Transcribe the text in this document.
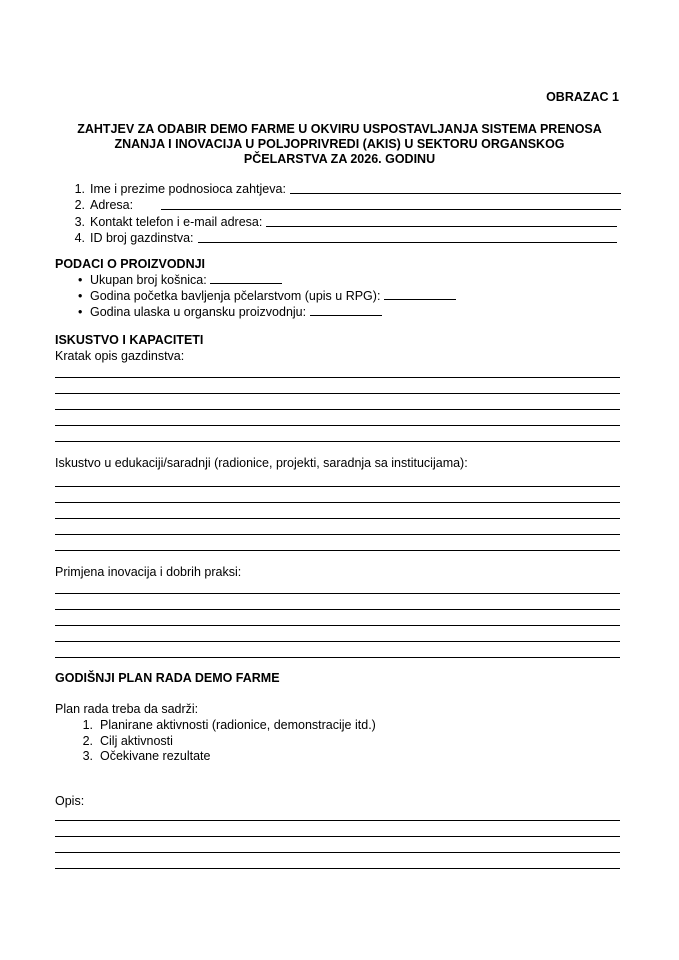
OBRAZAC 1
ZAHTJEV ZA ODABIR DEMO FARME U OKVIRU USPOSTAVLJANJA SISTEMA PRENOSA
ZNANJA I INOVACIJA U POLJOPRIVREDI (AKIS) U SEKTORU ORGANSKOG
PČELARSTVA ZA 2026. GODINU
1. Ime i prezime podnosioca zahtjeva:
2. Adresa:
3. Kontakt telefon i e-mail adresa:
4. ID broj gazdinstva:
PODACI O PROIZVODNJI
• Ukupan broj košnica:
• Godina početka bavljenja pčelarstvom (upis u RPG):
• Godina ulaska u organsku proizvodnju:
ISKUSTVO I KAPACITETI
Kratak opis gazdinstva:
Iskustvo u edukaciji/saradnji (radionice, projekti, saradnja sa institucijama):
Primjena inovacija i dobrih praksi:
GODIŠNJI PLAN RADA DEMO FARME
Plan rada treba da sadrži:
1. Planirane aktivnosti (radionice, demonstracije itd.)
2. Cilj aktivnosti
3. Očekivane rezultate
Opis:
